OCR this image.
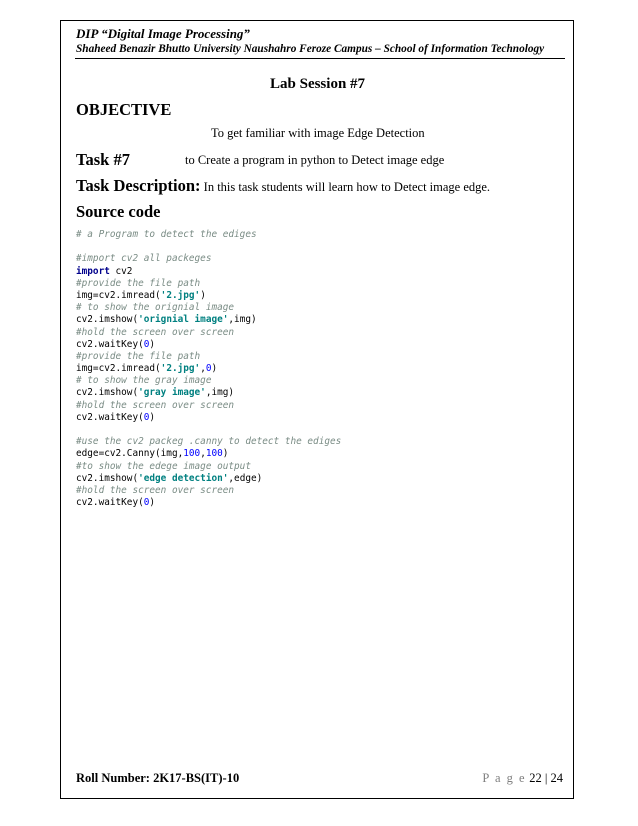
DIP “Digital Image Processing”
Shaheed Benazir Bhutto University Naushahro Feroze Campus – School of Information Technology
Lab Session #7
OBJECTIVE
To get familiar with image Edge Detection
Task #7	to Create a program in python to Detect image edge
Task Description: In this task students will learn how to Detect image edge.
Source code
# a Program to detect the ediges
#import cv2 all packeges
import cv2
#provide the file path
img=cv2.imread('2.jpg')
# to show the orignial image
cv2.imshow('orignial image',img)
#hold the screen over screen
cv2.waitKey(0)
#provide the file path
img=cv2.imread('2.jpg',0)
# to show the gray image
cv2.imshow('gray image',img)
#hold the screen over screen
cv2.waitKey(0)
#use the cv2 packeg .canny to detect the ediges
edge=cv2.Canny(img,100,100)
#to show the edege image output
cv2.imshow('edge detection',edge)
#hold the screen over screen
cv2.waitKey(0)
Roll Number: 2K17-BS(IT)-10	P a g e 22 | 24
